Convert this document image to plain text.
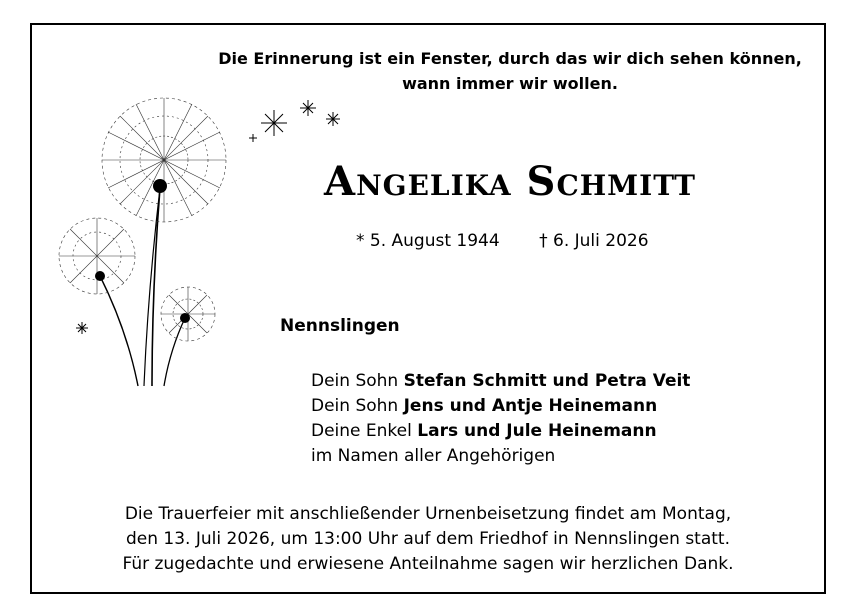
Die Erinnerung ist ein Fenster, durch das wir dich sehen können,
wann immer wir wollen.
Angelika Schmitt
* 5. August 1944 † 6. Juli 2026
Nennslingen
Dein Sohn Stefan Schmitt und Petra Veit
Dein Sohn Jens und Antje Heinemann
Deine Enkel Lars und Jule Heinemann
im Namen aller Angehörigen
Die Trauerfeier mit anschließender Urnenbeisetzung findet am Montag,
den 13. Juli 2026, um 13:00 Uhr auf dem Friedhof in Nennslingen statt.
Für zugedachte und erwiesene Anteilnahme sagen wir herzlichen Dank.
